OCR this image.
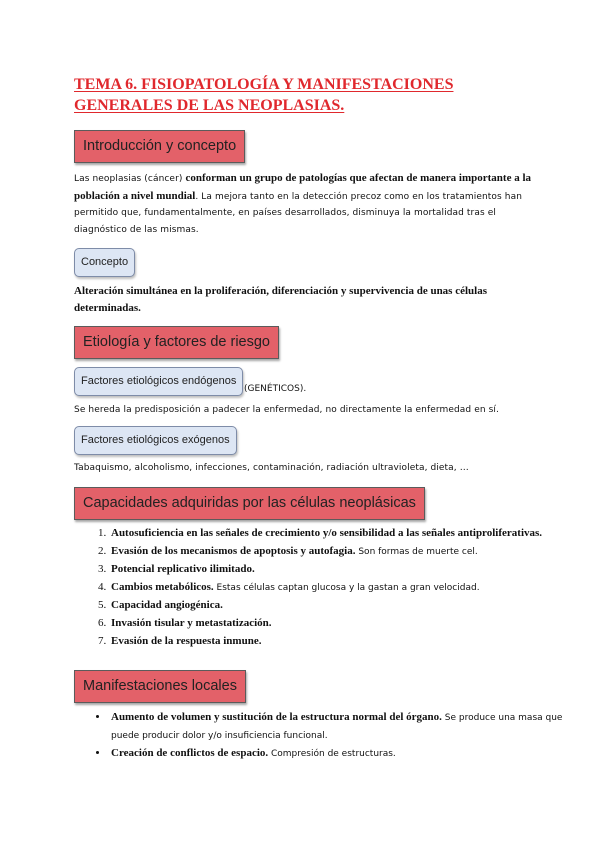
TEMA 6. FISIOPATOLOGÍA Y MANIFESTACIONES
GENERALES DE LAS NEOPLASIAS.
Introducción y concepto
Las neoplasias (cáncer) conforman un grupo de patologías que afectan de manera importante a la población a nivel mundial. La mejora tanto en la detección precoz como en los tratamientos han permitido que, fundamentalmente, en países desarrollados, disminuya la mortalidad tras el diagnóstico de las mismas.
Concepto
Alteración simultánea en la proliferación, diferenciación y supervivencia de unas células determinadas.
Etiología y factores de riesgo
Factores etiológicos endógenos
(GENÉTICOS).
Se hereda la predisposición a padecer la enfermedad, no directamente la enfermedad en sí.
Factores etiológicos exógenos
Tabaquismo, alcoholismo, infecciones, contaminación, radiación ultravioleta, dieta, …
Capacidades adquiridas por las células neoplásicas
1. Autosuficiencia en las señales de crecimiento y/o sensibilidad a las señales antiproliferativas.
2. Evasión de los mecanismos de apoptosis y autofagia. Son formas de muerte cel.
3. Potencial replicativo ilimitado.
4. Cambios metabólicos. Estas células captan glucosa y la gastan a gran velocidad.
5. Capacidad angiogénica.
6. Invasión tisular y metastatización.
7. Evasión de la respuesta inmune.
Manifestaciones locales
• Aumento de volumen y sustitución de la estructura normal del órgano. Se produce una masa que puede producir dolor y/o insuficiencia funcional.
• Creación de conflictos de espacio. Compresión de estructuras.
